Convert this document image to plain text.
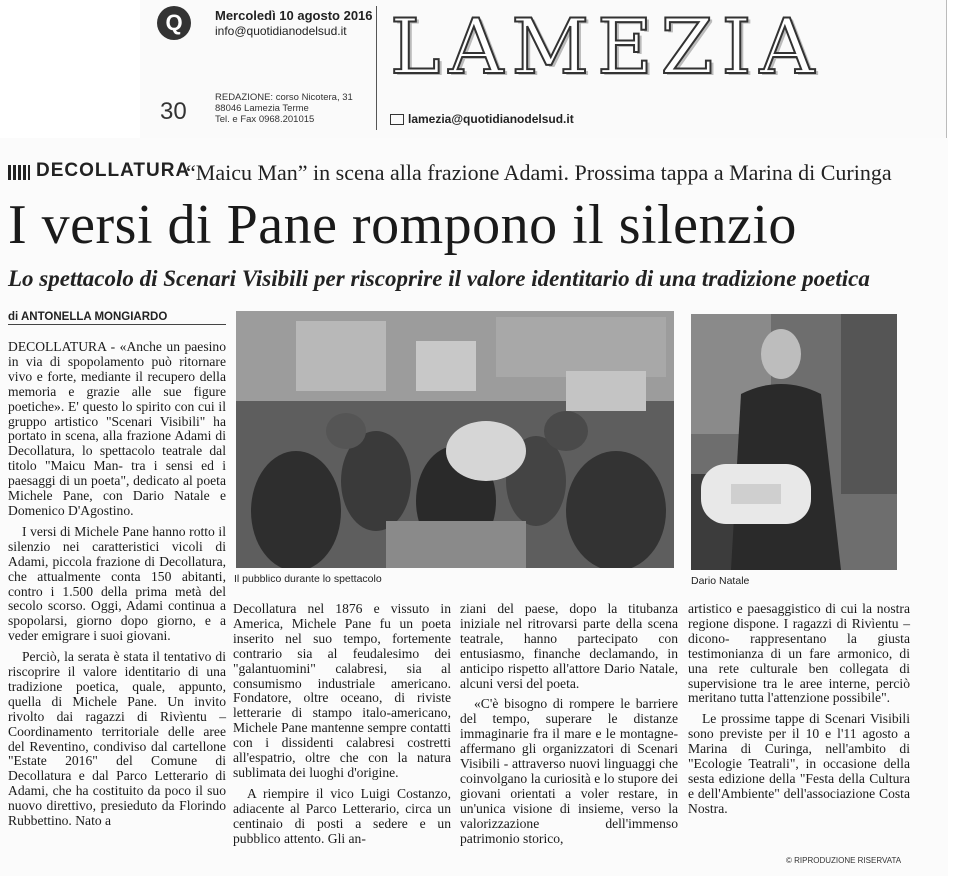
Q	Mercoledì 10 agosto 2016
info@quotidianodelsud.it
30
REDAZIONE: corso Nicotera, 31
88046 Lamezia Terme
Tel. e Fax 0968.201015
LAMEZIA
lamezia@quotidianodelsud.it
DECOLLATURA
“Maicu Man” in scena alla frazione Adami. Prossima tappa a Marina di Curinga
I versi di Pane rompono il silenzio
Lo spettacolo di Scenari Visibili per riscoprire il valore identitario di una tradizione poetica
di ANTONELLA MONGIARDO

DECOLLATURA - «Anche un paesino in via di spopolamento può ritornare vivo e forte, mediante il recupero della memoria e grazie alle sue figure poetiche». E' questo lo spirito con cui il gruppo artistico "Scenari Visibili" ha portato in scena, alla frazione Adami di Decollatura, lo spettacolo teatrale dal titolo "Maicu Man- tra i sensi ed i paesaggi di un poeta", dedicato al poeta Michele Pane, con Dario Natale e Domenico D'Agostino.

I versi di Michele Pane hanno rotto il silenzio nei caratteristici vicoli di Adami, piccola frazione di Decollatura, che attualmente conta 150 abitanti, contro i 1.500 della prima metà del secolo scorso. Oggi, Adami continua a spopolarsi, giorno dopo giorno, e a veder emigrare i suoi giovani.

Perciò, la serata è stata il tentativo di riscoprire il valore identitario di una tradizione poetica, quale, appunto, quella di Michele Pane. Un invito rivolto dai ragazzi di Rivìentu – Coordinamento territoriale delle aree del Reventino, condiviso dal cartellone "Estate 2016" del Comune di Decollatura e dal Parco Letterario di Adami, che ha costituito da poco il suo nuovo direttivo, presieduto da Florindo Rubbettino. Nato a

Il pubblico durante lo spettacolo	Dario Natale

Decollatura nel 1876 e vissuto in America, Michele Pane fu un poeta inserito nel suo tempo, fortemente contrario sia al feudalesimo dei "galantuomini" calabresi, sia al consumismo industriale americano. Fondatore, oltre oceano, di riviste letterarie di stampo italo-americano, Michele Pane mantenne sempre contatti con i dissidenti calabresi costretti all'espatrio, oltre che con la natura sublimata dei luoghi d'origine.

A riempire il vico Luigi Costanzo, adiacente al Parco Letterario, circa un centinaio di posti a sedere e un pubblico attento. Gli an-

ziani del paese, dopo la titubanza iniziale nel ritrovarsi parte della scena teatrale, hanno partecipato con entusiasmo, finanche declamando, in anticipo rispetto all'attore Dario Natale, alcuni versi del poeta.

«C'è bisogno di rompere le barriere del tempo, superare le distanze immaginarie fra il mare e le montagne- affermano gli organizzatori di Scenari Visibili - attraverso nuovi linguaggi che coinvolgano la curiosità e lo stupore dei giovani orientati a voler restare, in un'unica visione di insieme, verso la valorizzazione dell'immenso patrimonio storico,

artistico e paesaggistico di cui la nostra regione dispone. I ragazzi di Rivìentu – dicono- rappresentano la giusta testimonianza di un fare armonico, di una rete culturale ben collegata di supervisione tra le aree interne, perciò meritano tutta l'attenzione possibile".

Le prossime tappe di Scenari Visibili sono previste per il 10 e l'11 agosto a Marina di Curinga, nell'ambito di "Ecologie Teatrali", in occasione della sesta edizione della "Festa della Cultura e dell'Ambiente" dell'associazione Costa Nostra.

© RIPRODUZIONE RISERVATA
